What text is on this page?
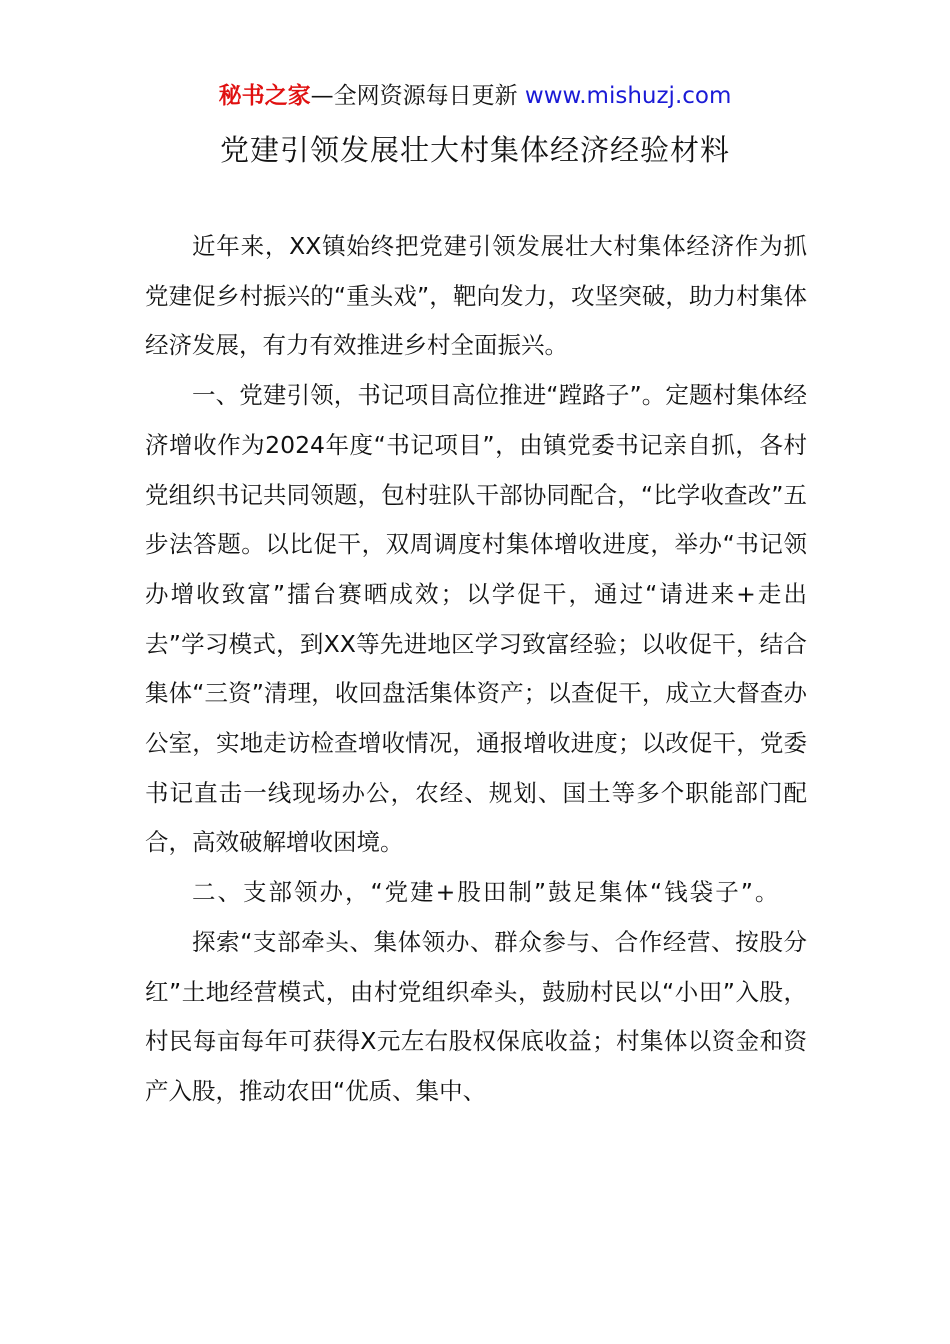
秘书之家—全网资源每日更新 www.mishuzj.com
党建引领发展壮大村集体经济经验材料

近年来，XX镇始终把党建引领发展壮大村集体经济作为抓党建促乡村振兴的“重头戏”，靶向发力，攻坚突破，助力村集体经济发展，有力有效推进乡村全面振兴。

一、党建引领，书记项目高位推进“蹚路子”。定题村集体经济增收作为2024年度“书记项目”，由镇党委书记亲自抓，各村党组织书记共同领题，包村驻队干部协同配合，“比学收查改”五步法答题。以比促干，双周调度村集体增收进度，举办“书记领办增收致富”擂台赛晒成效；以学促干，通过“请进来+走出去”学习模式，到XX等先进地区学习致富经验；以收促干，结合集体“三资”清理，收回盘活集体资产；以查促干，成立大督查办公室，实地走访检查增收情况，通报增收进度；以改促干，党委书记直击一线现场办公，农经、规划、国土等多个职能部门配合，高效破解增收困境。

二、支部领办，“党建+股田制”鼓足集体“钱袋子”。

探索“支部牵头、集体领办、群众参与、合作经营、按股分红”土地经营模式，由村党组织牵头，鼓励村民以“小田”入股，村民每亩每年可获得X元左右股权保底收益；村集体以资金和资产入股，推动农田“优质、集中、
